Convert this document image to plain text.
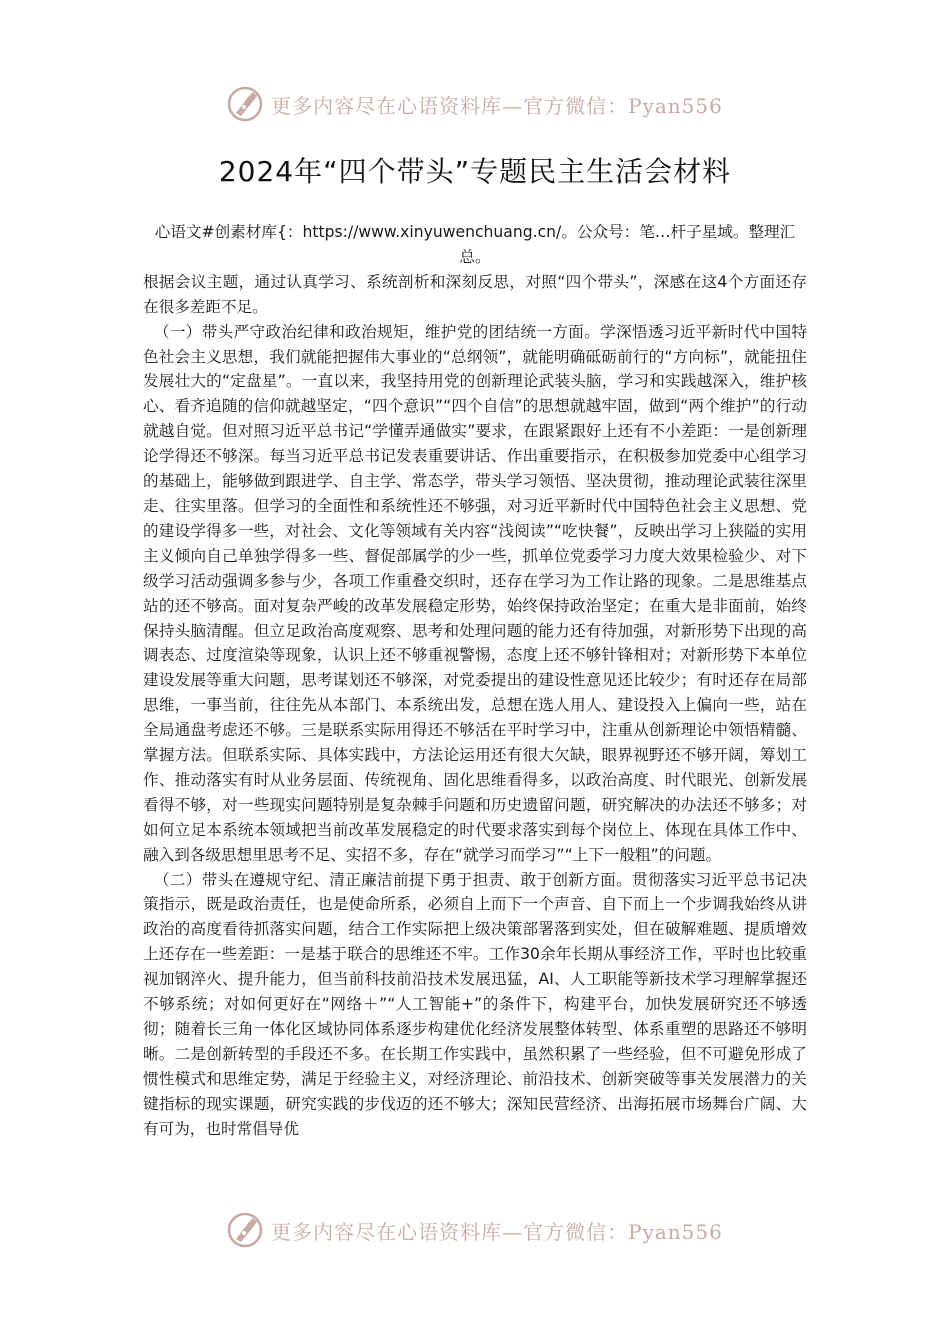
更多内容尽在心语资料库—官方微信：Pyan556
2024年“四个带头”专题民主生活会材料

心语文#创素材库{：https://www.xinyuwenchuang.cn/。公众号：笔…杆子星域。整理汇总。

根据会议主题，通过认真学习、系统剖析和深刻反思，对照“四个带头”，深感在这4个方面还存在很多差距不足。

（一）带头严守政治纪律和政治规矩，维护党的团结统一方面。学深悟透习近平新时代中国特色社会主义思想，我们就能把握伟大事业的“总纲领”，就能明确砥砺前行的“方向标”，就能扭住发展壮大的“定盘星”。一直以来，我坚持用党的创新理论武装头脑，学习和实践越深入，维护核心、看齐追随的信仰就越坚定，“四个意识”“四个自信”的思想就越牢固，做到“两个维护”的行动就越自觉。但对照习近平总书记“学懂弄通做实”要求，在跟紧跟好上还有不小差距：一是创新理论学得还不够深。每当习近平总书记发表重要讲话、作出重要指示，在积极参加党委中心组学习的基础上，能够做到跟进学、自主学、常态学，带头学习领悟、坚决贯彻，推动理论武装往深里走、往实里落。但学习的全面性和系统性还不够强，对习近平新时代中国特色社会主义思想、党的建设学得多一些，对社会、文化等领域有关内容“浅阅读”“吃快餐”，反映出学习上狭隘的实用主义倾向自己单独学得多一些、督促部属学的少一些，抓单位党委学习力度大效果检验少、对下级学习活动强调多参与少，各项工作重叠交织时，还存在学习为工作让路的现象。二是思维基点站的还不够高。面对复杂严峻的改革发展稳定形势，始终保持政治坚定；在重大是非面前，始终保持头脑清醒。但立足政治高度观察、思考和处理问题的能力还有待加强，对新形势下出现的高调表态、过度渲染等现象，认识上还不够重视警惕，态度上还不够针锋相对；对新形势下本单位建设发展等重大问题，思考谋划还不够深，对党委提出的建设性意见还比较少；有时还存在局部思维，一事当前，往往先从本部门、本系统出发，总想在选人用人、建设投入上偏向一些，站在全局通盘考虑还不够。三是联系实际用得还不够活在平时学习中，注重从创新理论中领悟精髓、掌握方法。但联系实际、具体实践中，方法论运用还有很大欠缺，眼界视野还不够开阔，筹划工作、推动落实有时从业务层面、传统视角、固化思维看得多，以政治高度、时代眼光、创新发展看得不够，对一些现实问题特别是复杂棘手问题和历史遗留问题，研究解决的办法还不够多；对如何立足本系统本领域把当前改革发展稳定的时代要求落实到每个岗位上、体现在具体工作中、融入到各级思想里思考不足、实招不多，存在“就学习而学习”“上下一般粗”的问题。

（二）带头在遵规守纪、清正廉洁前提下勇于担责、敢于创新方面。贯彻落实习近平总书记决策指示，既是政治责任，也是使命所系，必须自上而下一个声音、自下而上一个步调我始终从讲政治的高度看待抓落实问题，结合工作实际把上级决策部署落到实处，但在破解难题、提质增效上还存在一些差距：一是基于联合的思维还不牢。工作30余年长期从事经济工作，平时也比较重视加钢淬火、提升能力，但当前科技前沿技术发展迅猛，AI、人工职能等新技术学习理解掌握还不够系统；对如何更好在“网络＋”“人工智能+”的条件下，构建平台，加快发展研究还不够透彻；随着长三角一体化区域协同体系逐步构建优化经济发展整体转型、体系重塑的思路还不够明晰。二是创新转型的手段还不多。在长期工作实践中，虽然积累了一些经验，但不可避免形成了惯性模式和思维定势，满足于经验主义，对经济理论、前沿技术、创新突破等事关发展潜力的关键指标的现实课题，研究实践的步伐迈的还不够大；深知民营经济、出海拓展市场舞台广阔、大有可为，也时常倡导优

更多内容尽在心语资料库—官方微信：Pyan556
